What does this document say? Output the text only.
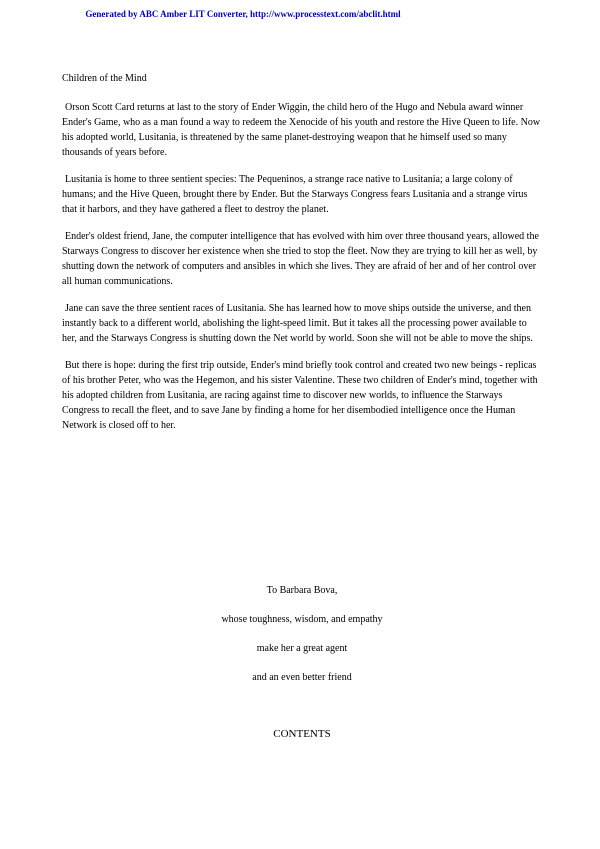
Generated by ABC Amber LIT Converter, http://www.processtext.com/abclit.html
Children of the Mind

Orson Scott Card returns at last to the story of Ender Wiggin, the child hero of the Hugo and Nebula award winner Ender's Game, who as a man found a way to redeem the Xenocide of his youth and restore the Hive Queen to life. Now his adopted world, Lusitania, is threatened by the same planet-destroying weapon that he himself used so many thousands of years before.

Lusitania is home to three sentient species: The Pequeninos, a strange race native to Lusitania; a large colony of humans; and the Hive Queen, brought there by Ender. But the Starways Congress fears Lusitania and a strange virus that it harbors, and they have gathered a fleet to destroy the planet.

Ender's oldest friend, Jane, the computer intelligence that has evolved with him over three thousand years, allowed the Starways Congress to discover her existence when she tried to stop the fleet. Now they are trying to kill her as well, by shutting down the network of computers and ansibles in which she lives. They are afraid of her and of her control over all human communications.

Jane can save the three sentient races of Lusitania. She has learned how to move ships outside the universe, and then instantly back to a different world, abolishing the light-speed limit. But it takes all the processing power available to her, and the Starways Congress is shutting down the Net world by world. Soon she will not be able to move the ships.

But there is hope: during the first trip outside, Ender's mind briefly took control and created two new beings - replicas of his brother Peter, who was the Hegemon, and his sister Valentine. These two children of Ender's mind, together with his adopted children from Lusitania, are racing against time to discover new worlds, to influence the Starways Congress to recall the fleet, and to save Jane by finding a home for her disembodied intelligence once the Human Network is closed off to her.

To Barbara Bova,
whose toughness, wisdom, and empathy
make her a great agent
and an even better friend
CONTENTS
